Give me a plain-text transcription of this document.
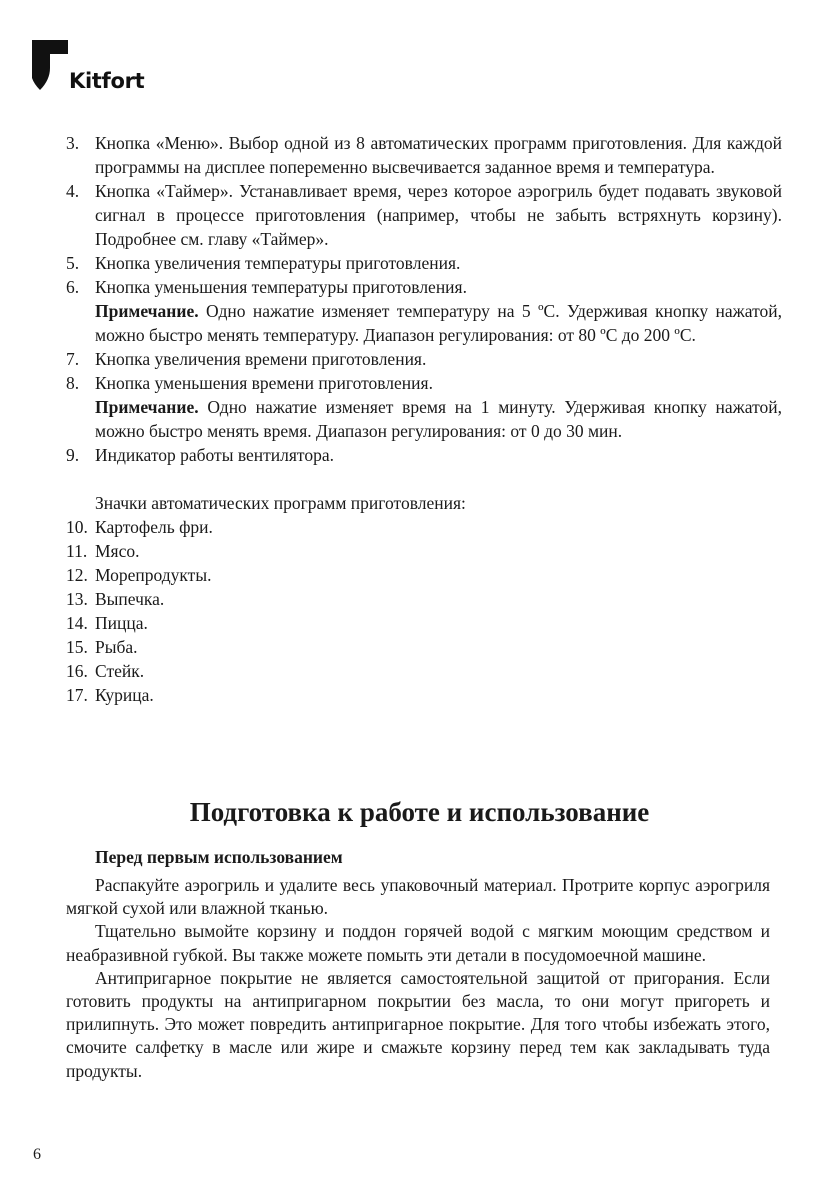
Kitfort
3. Кнопка «Меню». Выбор одной из 8 автоматических программ приготовления. Для каждой программы на дисплее попеременно высвечивается заданное время и температура.
4. Кнопка «Таймер». Устанавливает время, через которое аэрогриль будет подавать звуковой сигнал в процессе приготовления (например, чтобы не забыть встряхнуть корзину). Подробнее см. главу «Таймер».
5. Кнопка увеличения температуры приготовления.
6. Кнопка уменьшения температуры приготовления.
Примечание. Одно нажатие изменяет температуру на 5 ºС. Удерживая кнопку нажатой, можно быстро менять температуру. Диапазон регулирования: от 80 ºС до 200 ºС.
7. Кнопка увеличения времени приготовления.
8. Кнопка уменьшения времени приготовления.
Примечание. Одно нажатие изменяет время на 1 минуту. Удерживая кнопку нажатой, можно быстро менять время. Диапазон регулирования: от 0 до 30 мин.
9. Индикатор работы вентилятора.
Значки автоматических программ приготовления:
10. Картофель фри.
11. Мясо.
12. Морепродукты.
13. Выпечка.
14. Пицца.
15. Рыба.
16. Стейк.
17. Курица.
Подготовка к работе и использование
Перед первым использованием

Распакуйте аэрогриль и удалите весь упаковочный материал. Протрите корпус аэрогриля мягкой сухой или влажной тканью.

Тщательно вымойте корзину и поддон горячей водой с мягким моющим средством и неабразивной губкой. Вы также можете помыть эти детали в посудомоечной машине.

Антипригарное покрытие не является самостоятельной защитой от пригорания. Если готовить продукты на антипригарном покрытии без масла, то они могут пригореть и прилипнуть. Это может повредить антипригарное покрытие. Для того чтобы избежать этого, смочите салфетку в масле или жире и смажьте корзину перед тем как закладывать туда продукты.

6
